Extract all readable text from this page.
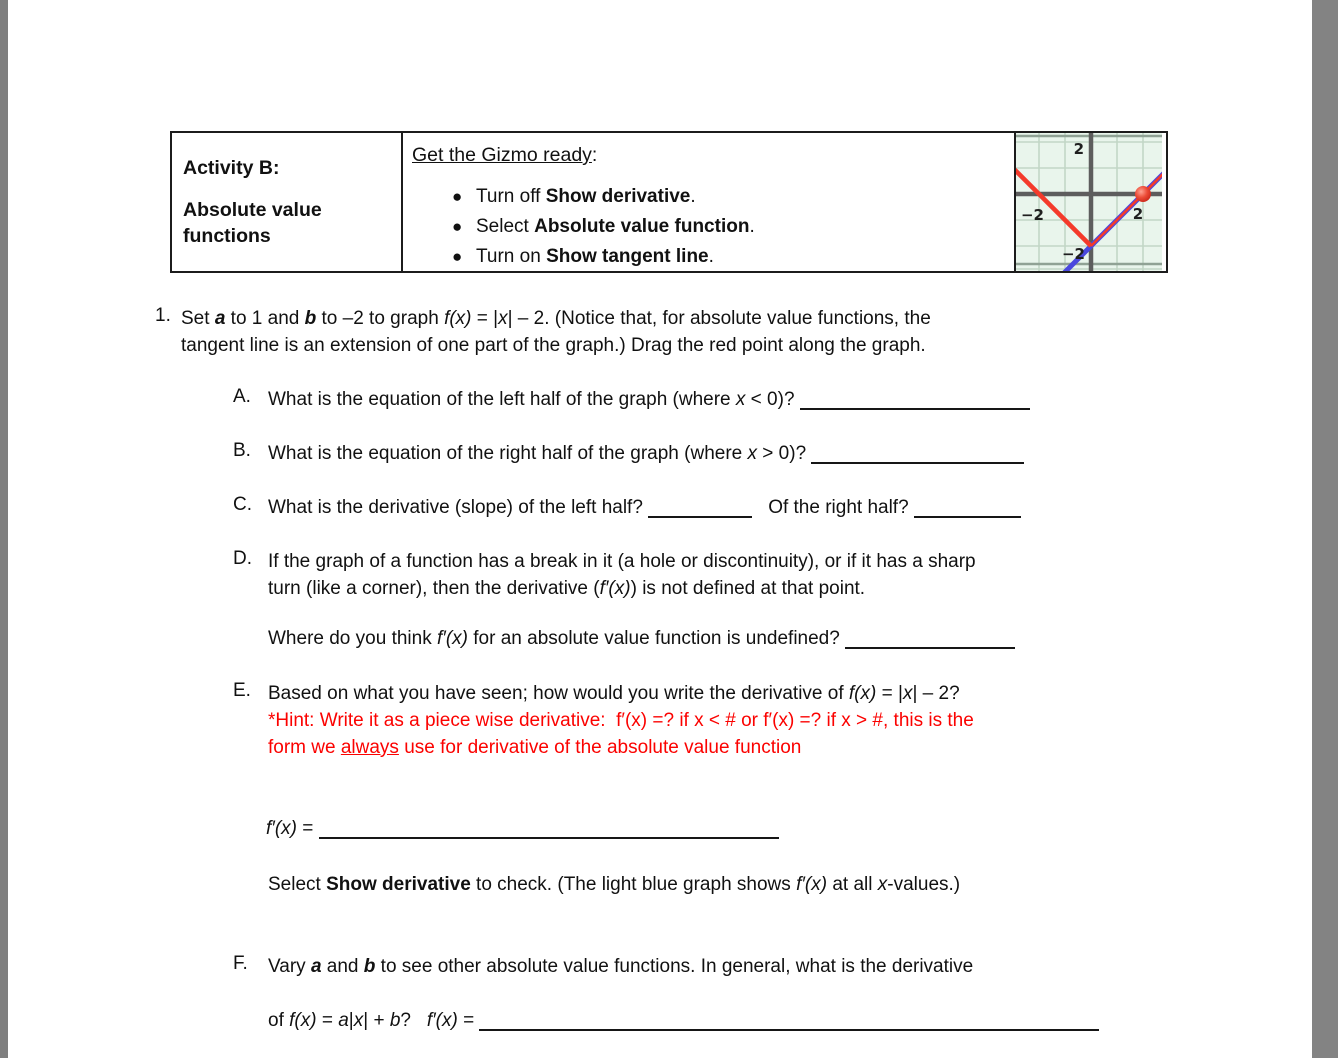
Activity B:
Absolute value functions
Get the Gizmo ready:
● Turn off Show derivative.
● Select Absolute value function.
● Turn on Show tangent line.
2
−2	2
−2
1. Set a to 1 and b to –2 to graph f(x) = |x| – 2. (Notice that, for absolute value functions, the
tangent line is an extension of one part of the graph.) Drag the red point along the graph.
A. What is the equation of the left half of the graph (where x < 0)?
B. What is the equation of the right half of the graph (where x > 0)?
C. What is the derivative (slope) of the left half?	Of the right half?
D. If the graph of a function has a break in it (a hole or discontinuity), or if it has a sharp
turn (like a corner), then the derivative (f′(x)) is not defined at that point.
Where do you think f′(x) for an absolute value function is undefined?
E. Based on what you have seen; how would you write the derivative of f(x) = |x| – 2?
*Hint: Write it as a piece wise derivative:  f′(x) =? if x < # or f′(x) =? if x > #, this is the
form we always use for derivative of the absolute value function
f′(x) =
Select Show derivative to check. (The light blue graph shows f′(x) at all x-values.)
F.	Vary a and b to see other absolute value functions. In general, what is the derivative
of f(x) = a|x| + b?   f′(x) =
